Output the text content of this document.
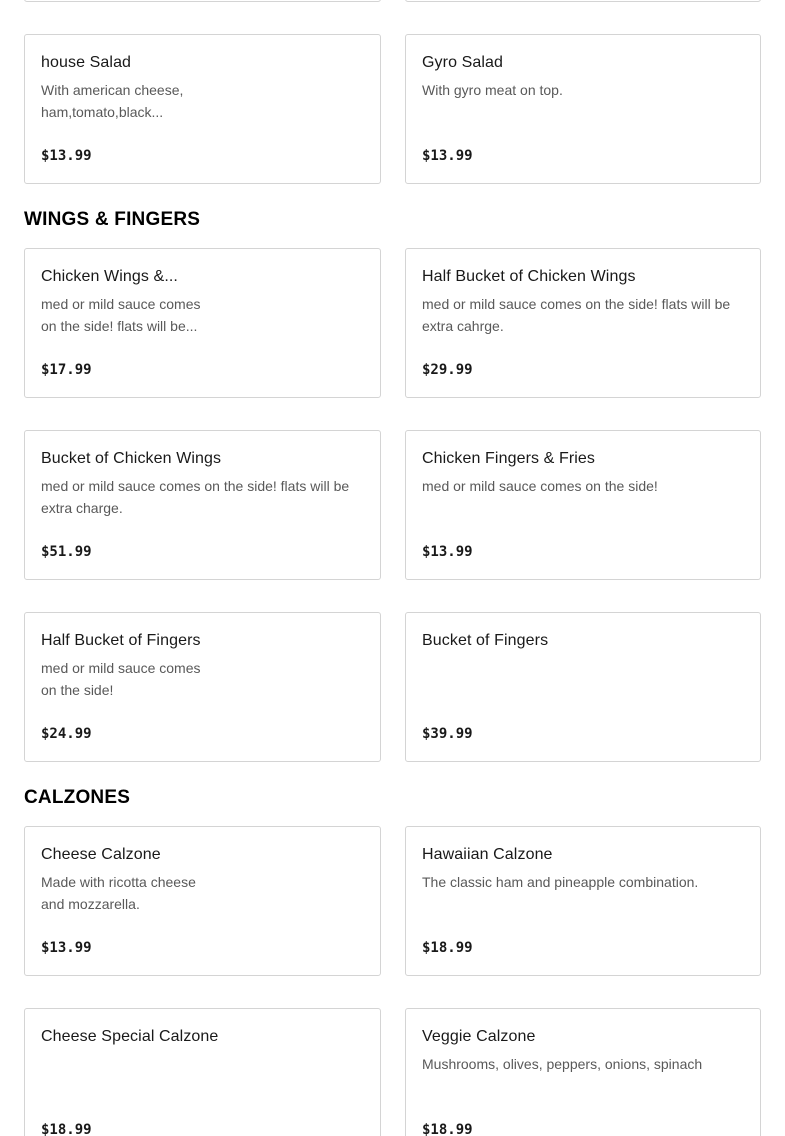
house Salad
With american cheese, ham,tomato,black...
$13.99
Gyro Salad
With gyro meat on top.
$13.99
WINGS & FINGERS
Chicken Wings &...
med or mild sauce comes on the side! flats will be...
$17.99
Half Bucket of Chicken Wings
med or mild sauce comes on the side! flats will be extra cahrge.
$29.99
Bucket of Chicken Wings
med or mild sauce comes on the side! flats will be extra charge.
$51.99
Chicken Fingers & Fries
med or mild sauce comes on the side!
$13.99
Half Bucket of Fingers
med or mild sauce comes on the side!
$24.99
Bucket of Fingers
$39.99
CALZONES
Cheese Calzone
Made with ricotta cheese and mozzarella.
$13.99
Hawaiian Calzone
The classic ham and pineapple combination.
$18.99
Cheese Special Calzone
$18.99
Veggie Calzone
Mushrooms, olives, peppers, onions, spinach
$18.99
